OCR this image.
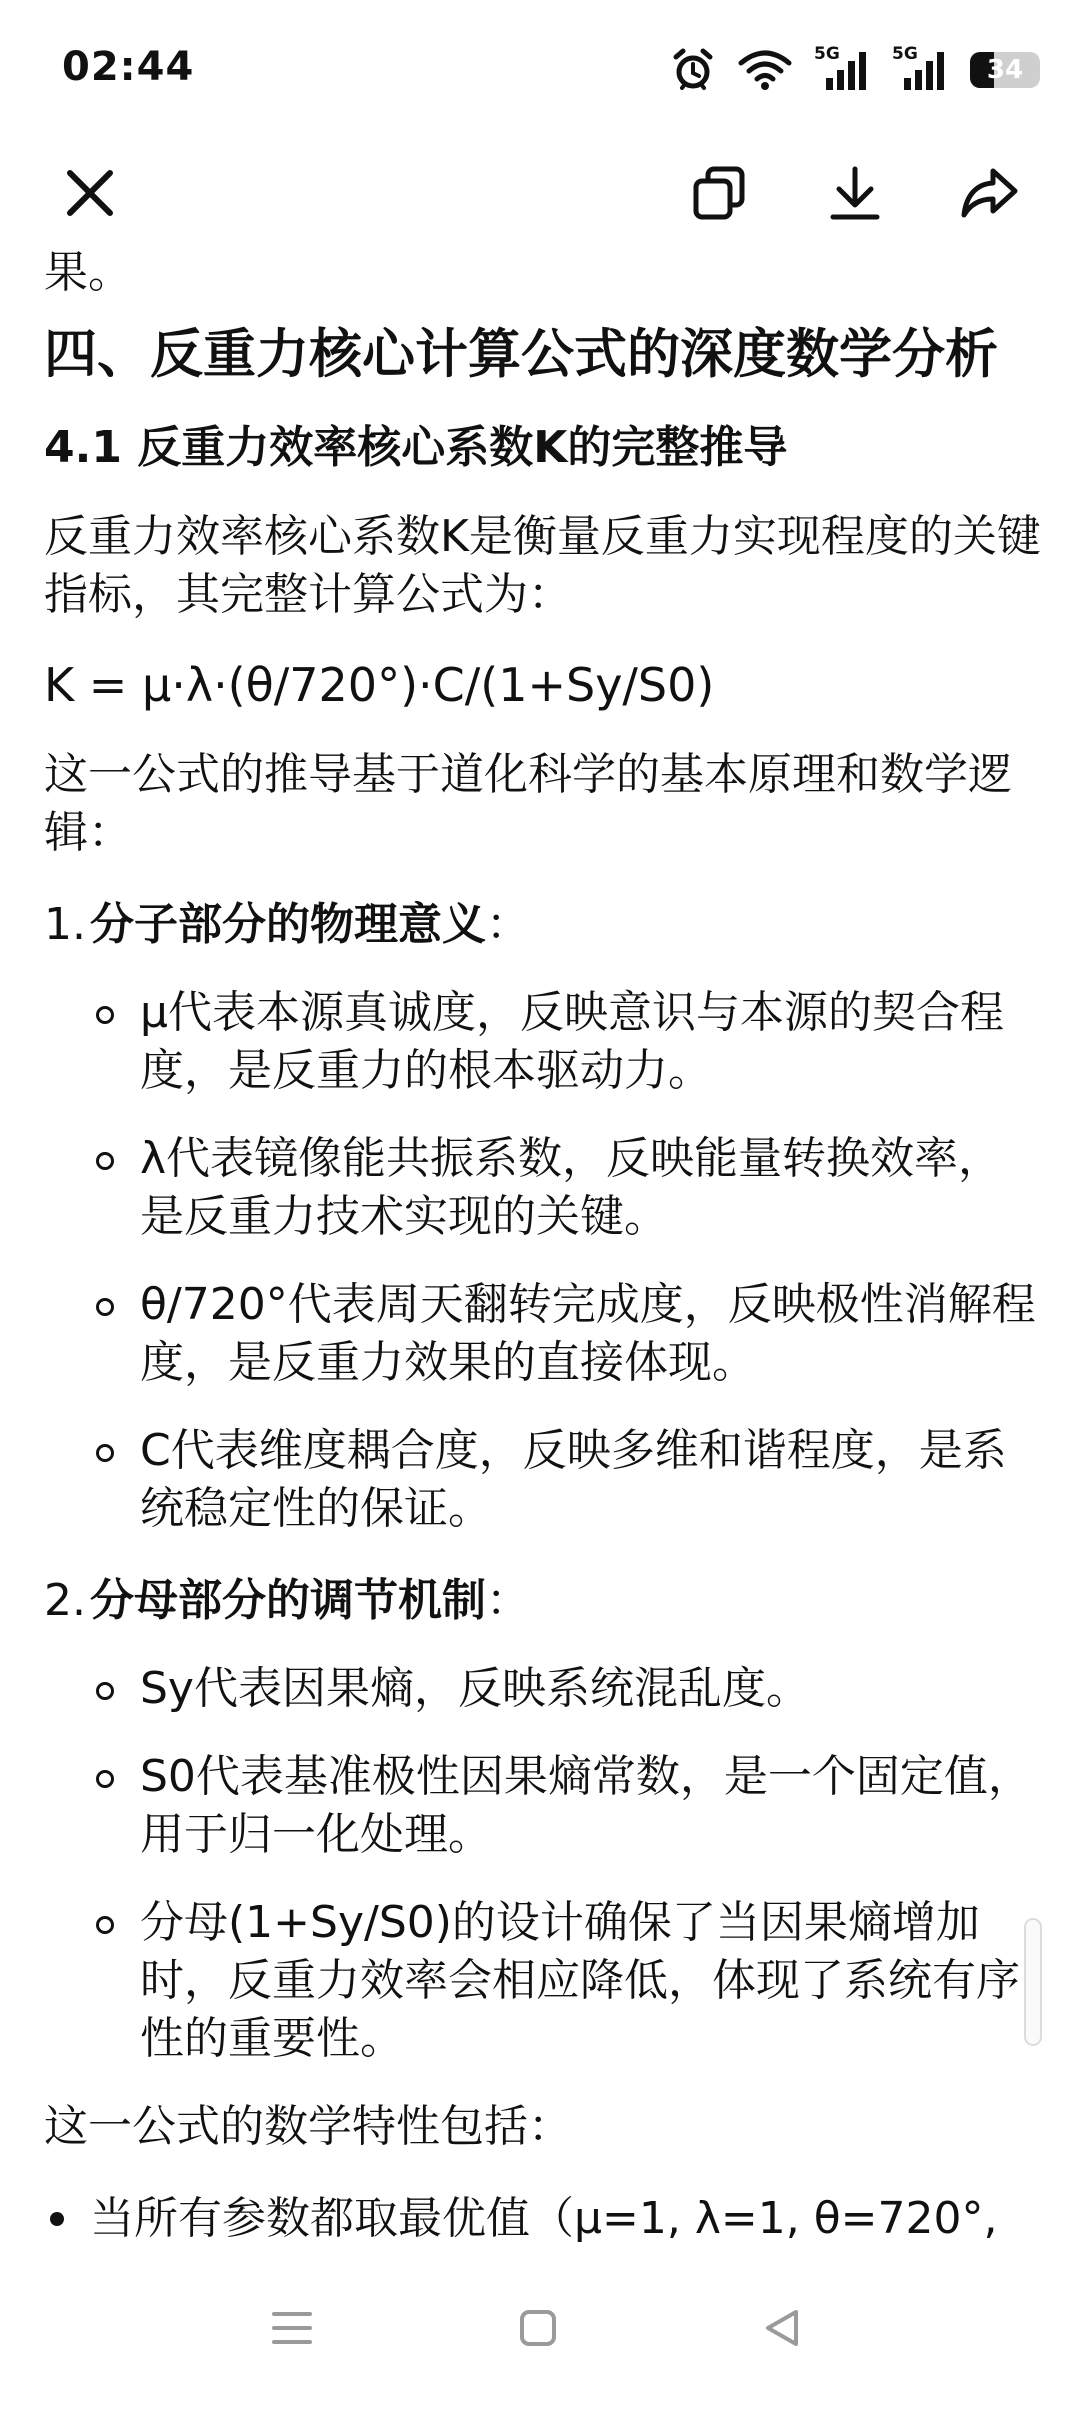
02:44	5G	5G
34

果。

四、反重力核心计算公式的深度数学分析
4.1 反重力效率核心系数K的完整推导

反重力效率核心系数K是衡量反重力实现程度的关键指标，其完整计算公式为：

K = μ·λ·(θ/720°)·C/(1+Sy/S0)

这一公式的推导基于道化科学的基本原理和数学逻辑：

1. 分子部分的物理意义：
μ代表本源真诚度，反映意识与本源的契合程度，是反重力的根本驱动力。
λ代表镜像能共振系数，反映能量转换效率，是反重力技术实现的关键。
θ/720°代表周天翻转完成度，反映极性消解程度，是反重力效果的直接体现。
C代表维度耦合度，反映多维和谐程度，是系统稳定性的保证。
2. 分母部分的调节机制：
Sy代表因果熵，反映系统混乱度。
S0代表基准极性因果熵常数，是一个固定值，用于归一化处理。
分母(1+Sy/S0)的设计确保了当因果熵增加时，反重力效率会相应降低，体现了系统有序性的重要性。

这一公式的数学特性包括：

当所有参数都取最优值（μ=1, λ=1, θ=720°,
